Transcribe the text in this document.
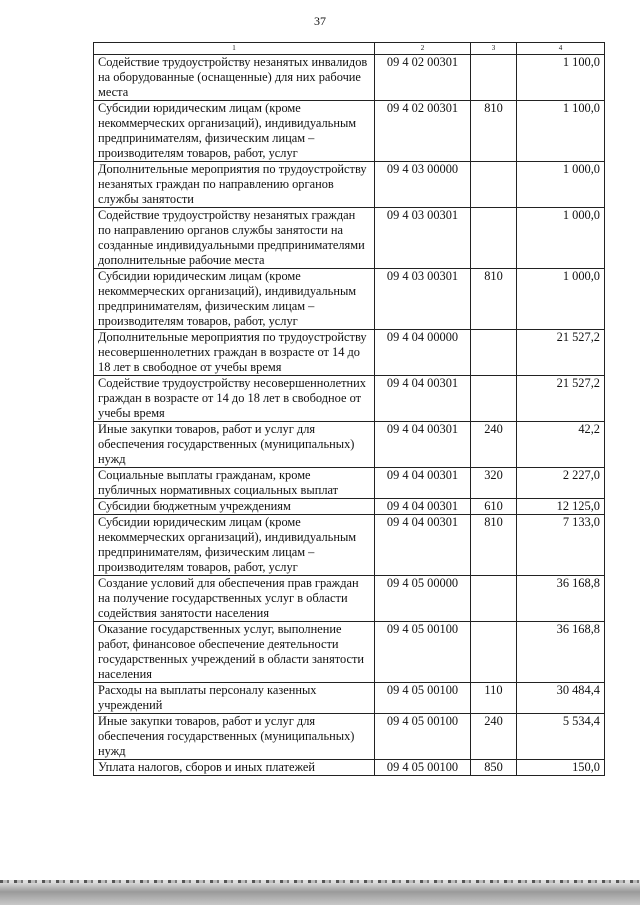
37
1	2	3	4
Содействие трудоустройству незанятых инвалидов на оборудованные (оснащенные) для них рабочие места	09 4 02 00301		1 100,0
Субсидии юридическим лицам (кроме некоммерческих организаций), индивидуальным предпринимателям, физическим лицам – производителям товаров, работ, услуг	09 4 02 00301	810	1 100,0
Дополнительные мероприятия по трудоустройству незанятых граждан по направлению органов службы занятости	09 4 03 00000		1 000,0
Содействие трудоустройству незанятых граждан по направлению органов службы занятости на созданные индивидуальными предпринимателями дополнительные рабочие места	09 4 03 00301		1 000,0
Субсидии юридическим лицам (кроме некоммерческих организаций), индивидуальным предпринимателям, физическим лицам – производителям товаров, работ, услуг	09 4 03 00301	810	1 000,0
Дополнительные мероприятия по трудоустройству несовершеннолетних граждан в возрасте от 14 до 18 лет в свободное от учебы время	09 4 04 00000		21 527,2
Содействие трудоустройству несовершеннолетних граждан в возрасте от 14 до 18 лет в свободное от учебы время	09 4 04 00301		21 527,2
Иные закупки товаров, работ и услуг для обеспечения государственных (муниципальных) нужд	09 4 04 00301	240	42,2
Социальные выплаты гражданам, кроме публичных нормативных социальных выплат	09 4 04 00301	320	2 227,0
Субсидии бюджетным учреждениям	09 4 04 00301	610	12 125,0
Субсидии юридическим лицам (кроме некоммерческих организаций), индивидуальным предпринимателям, физическим лицам – производителям товаров, работ, услуг	09 4 04 00301	810	7 133,0
Создание условий для обеспечения прав граждан на получение государственных услуг в области содействия занятости населения	09 4 05 00000		36 168,8
Оказание государственных услуг, выполнение работ, финансовое обеспечение деятельности государственных учреждений в области занятости населения	09 4 05 00100		36 168,8
Расходы на выплаты персоналу казенных учреждений	09 4 05 00100	110	30 484,4
Иные закупки товаров, работ и услуг для обеспечения государственных (муниципальных) нужд	09 4 05 00100	240	5 534,4
Уплата налогов, сборов и иных платежей	09 4 05 00100	850	150,0
